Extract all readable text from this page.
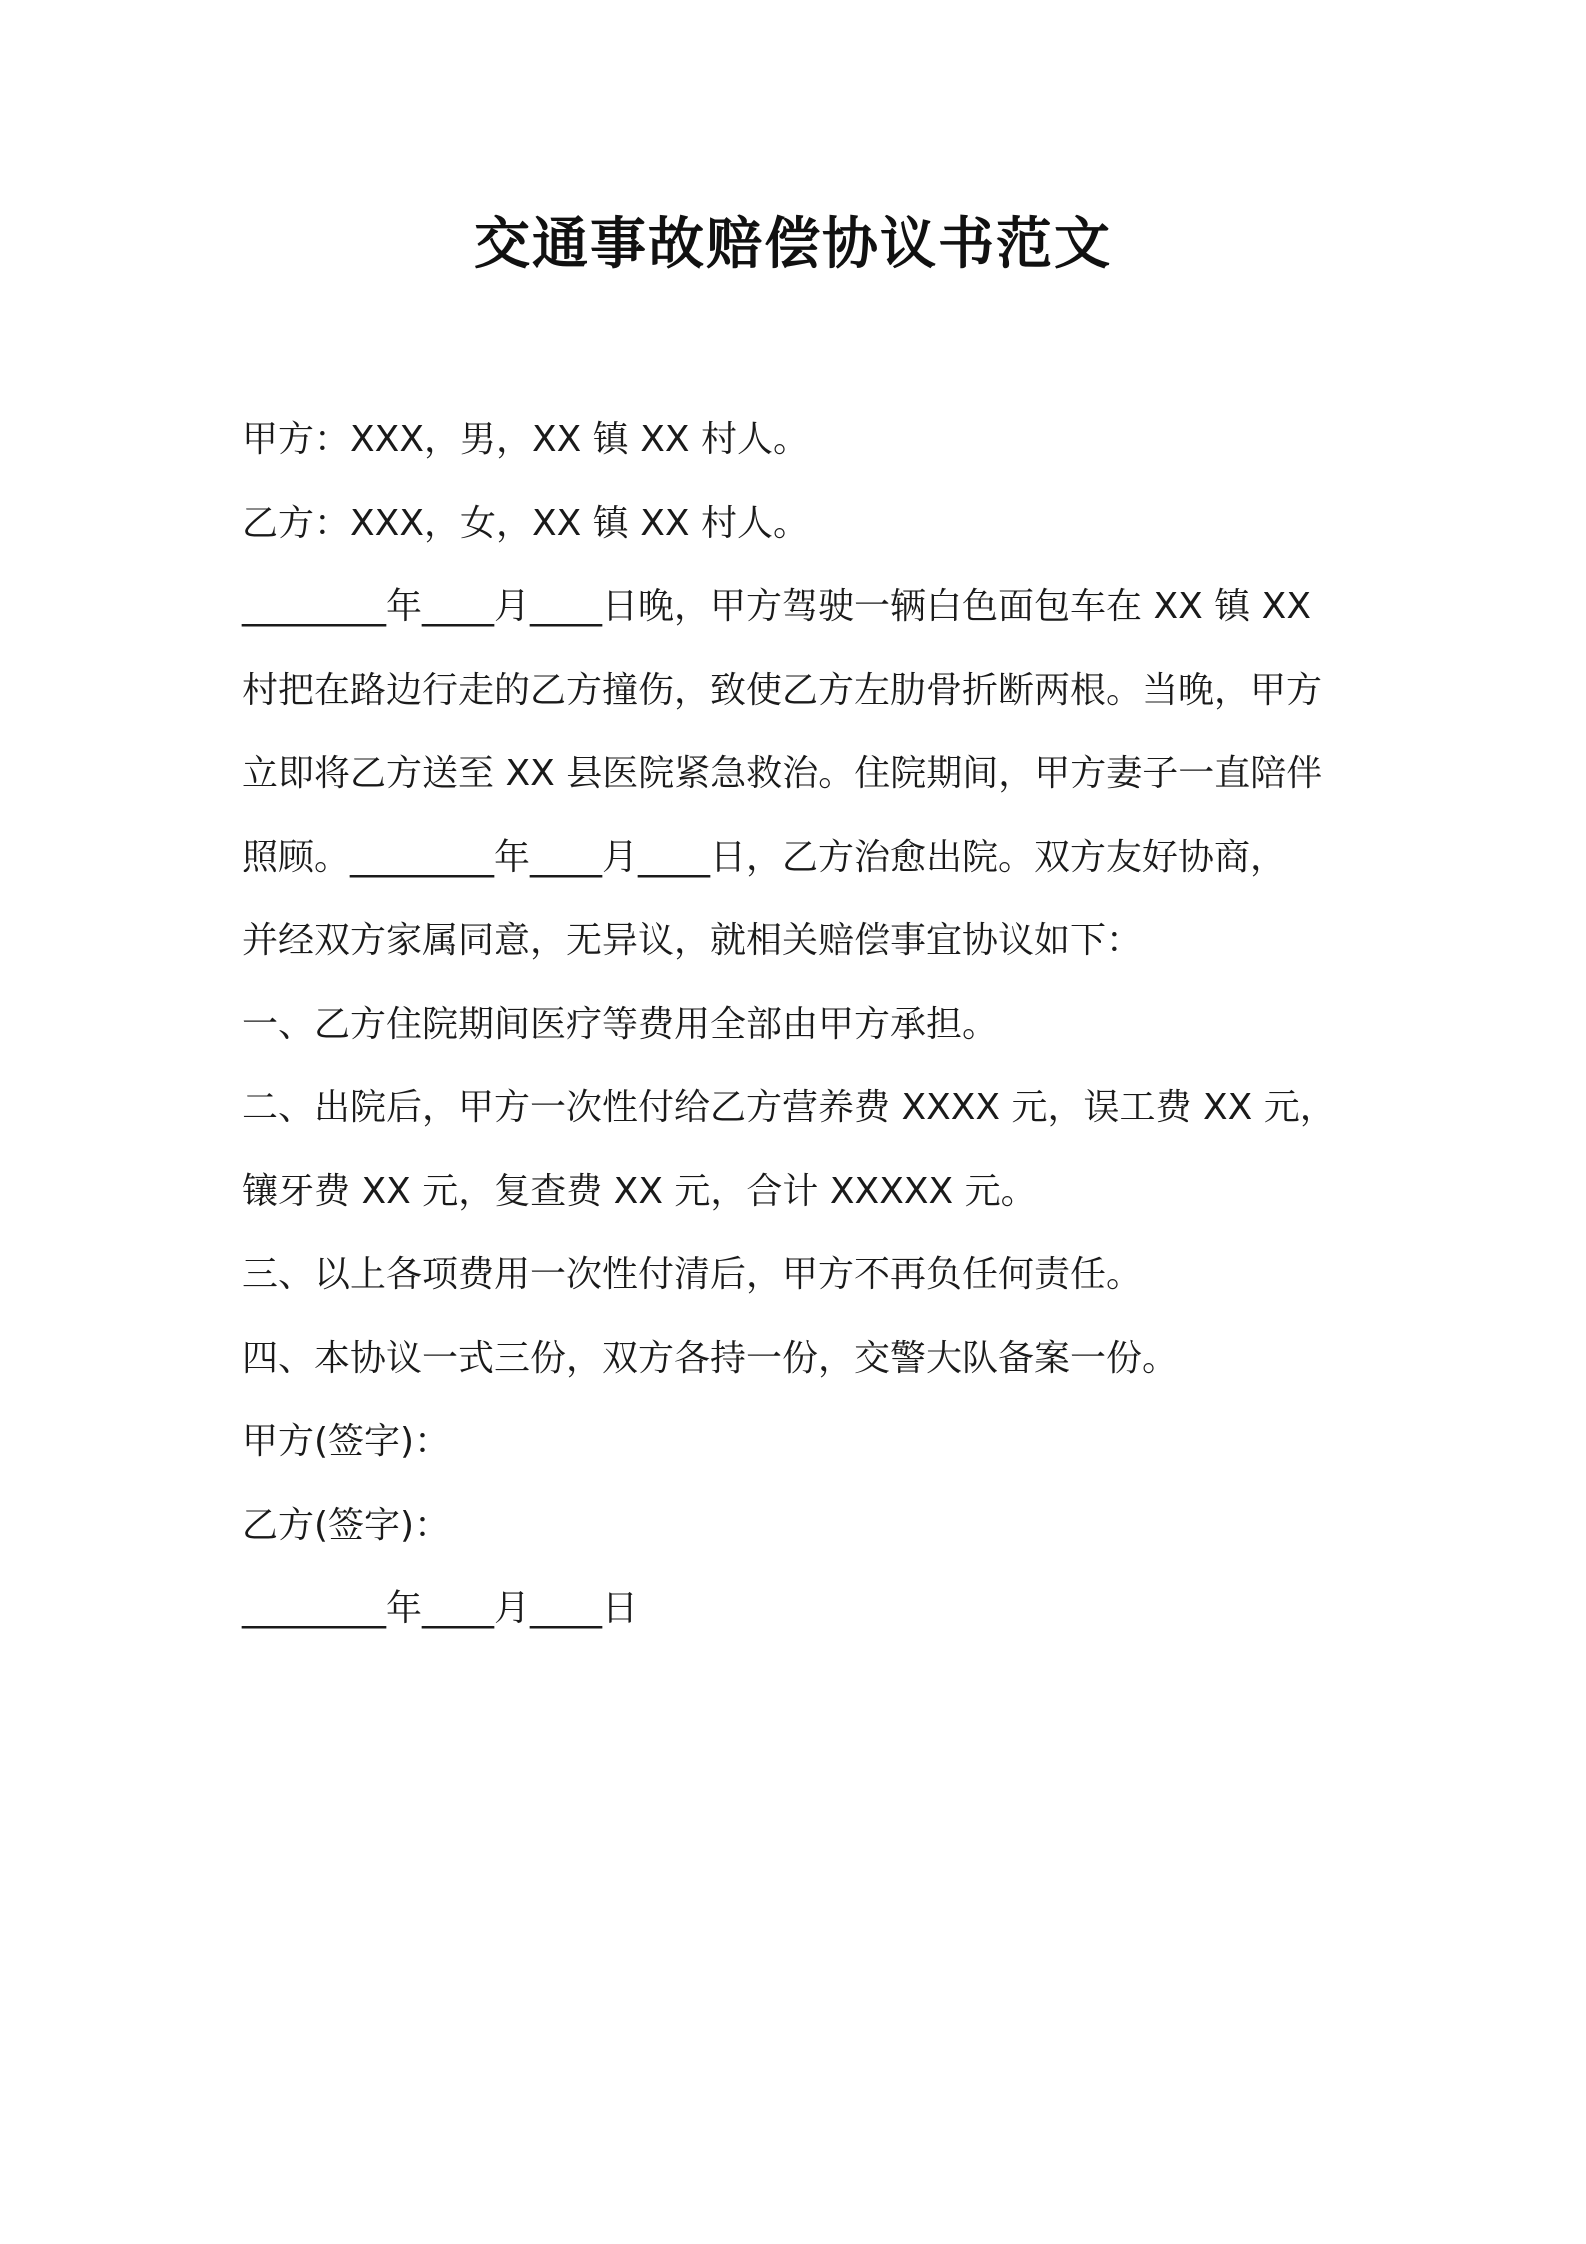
交通事故赔偿协议书范文
甲方：XXX，男，XX 镇 XX 村人。
乙方：XXX，女，XX 镇 XX 村人。
________年____月____日晚，甲方驾驶一辆白色面包车在 XX 镇 XX
村把在路边行走的乙方撞伤，致使乙方左肋骨折断两根。当晚，甲方
立即将乙方送至 XX 县医院紧急救治。住院期间，甲方妻子一直陪伴
照顾。________年____月____日，乙方治愈出院。双方友好协商，
并经双方家属同意，无异议，就相关赔偿事宜协议如下：
一、乙方住院期间医疗等费用全部由甲方承担。
二、出院后，甲方一次性付给乙方营养费 XXXX 元，误工费 XX 元，
镶牙费 XX 元，复查费 XX 元，合计 XXXXX 元。
三、以上各项费用一次性付清后，甲方不再负任何责任。
四、本协议一式三份，双方各持一份，交警大队备案一份。
甲方(签字)：
乙方(签字)：
________年____月____日
